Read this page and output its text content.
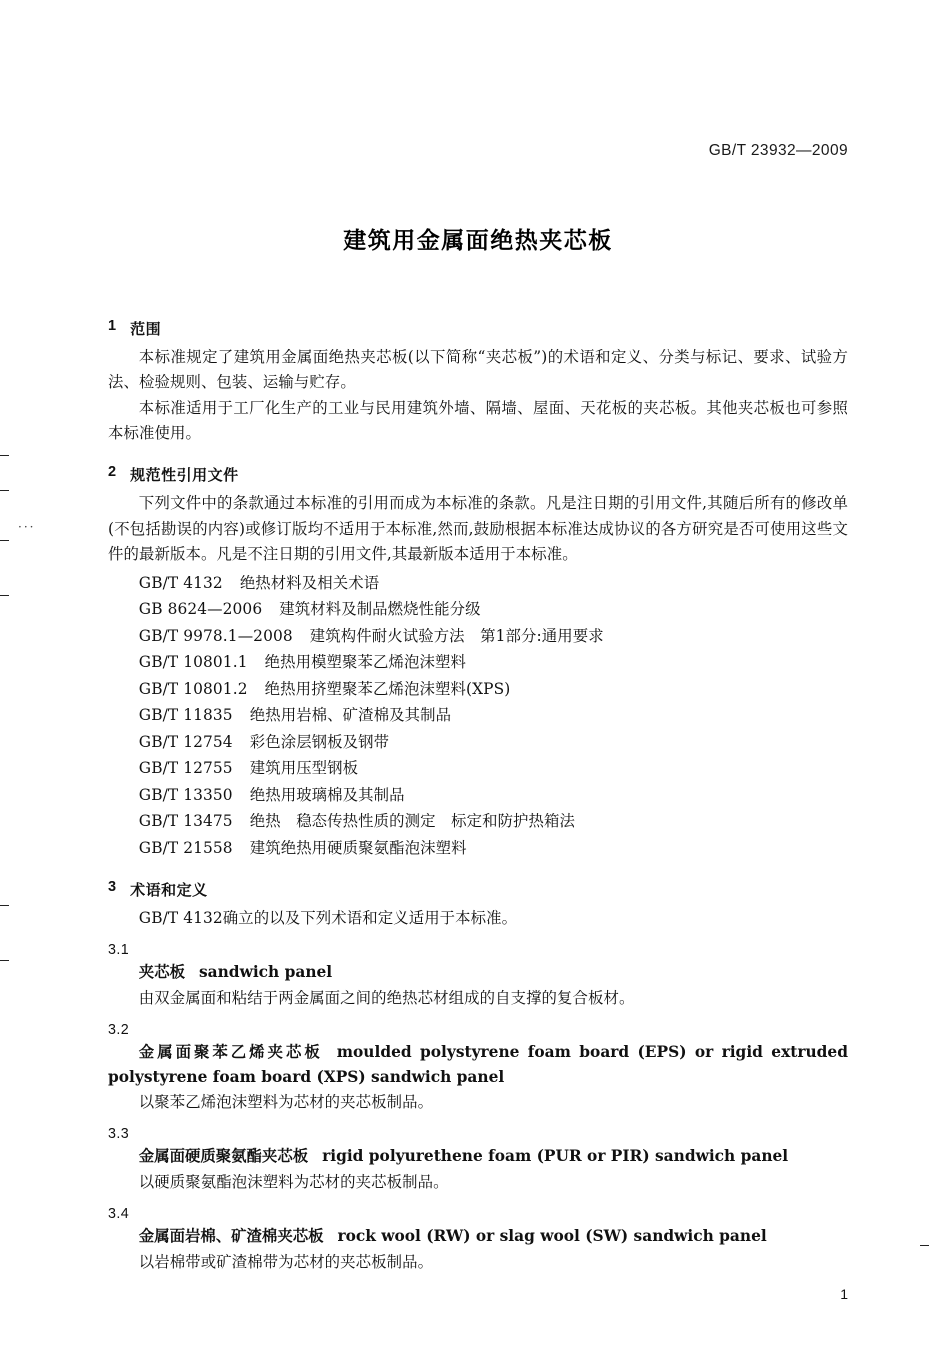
···
GB/T 23932—2009
建筑用金属面绝热夹芯板
1 范围

本标准规定了建筑用金属面绝热夹芯板(以下简称“夹芯板”)的术语和定义、分类与标记、要求、试验方法、检验规则、包装、运输与贮存。

本标准适用于工厂化生产的工业与民用建筑外墙、隔墙、屋面、天花板的夹芯板。其他夹芯板也可参照本标准使用。

2 规范性引用文件

下列文件中的条款通过本标准的引用而成为本标准的条款。凡是注日期的引用文件,其随后所有的修改单(不包括勘误的内容)或修订版均不适用于本标准,然而,鼓励根据本标准达成协议的各方研究是否可使用这些文件的最新版本。凡是不注日期的引用文件,其最新版本适用于本标准。

GB/T 4132 绝热材料及相关术语
GB 8624—2006 建筑材料及制品燃烧性能分级
GB/T 9978.1—2008 建筑构件耐火试验方法　第1部分:通用要求
GB/T 10801.1 绝热用模塑聚苯乙烯泡沫塑料
GB/T 10801.2 绝热用挤塑聚苯乙烯泡沫塑料(XPS)
GB/T 11835 绝热用岩棉、矿渣棉及其制品
GB/T 12754 彩色涂层钢板及钢带
GB/T 12755 建筑用压型钢板
GB/T 13350 绝热用玻璃棉及其制品
GB/T 13475 绝热　稳态传热性质的测定　标定和防护热箱法
GB/T 21558 建筑绝热用硬质聚氨酯泡沫塑料
3 术语和定义

GB/T 4132确立的以及下列术语和定义适用于本标准。

3.1

夹芯板 sandwich panel

由双金属面和粘结于两金属面之间的绝热芯材组成的自支撑的复合板材。

3.2

金属面聚苯乙烯夹芯板 moulded polystyrene foam board (EPS) or rigid extruded polystyrene foam board (XPS) sandwich panel

以聚苯乙烯泡沫塑料为芯材的夹芯板制品。

3.3

金属面硬质聚氨酯夹芯板 rigid polyurethene foam (PUR or PIR) sandwich panel

以硬质聚氨酯泡沫塑料为芯材的夹芯板制品。

3.4

金属面岩棉、矿渣棉夹芯板 rock wool (RW) or slag wool (SW) sandwich panel

以岩棉带或矿渣棉带为芯材的夹芯板制品。

1
